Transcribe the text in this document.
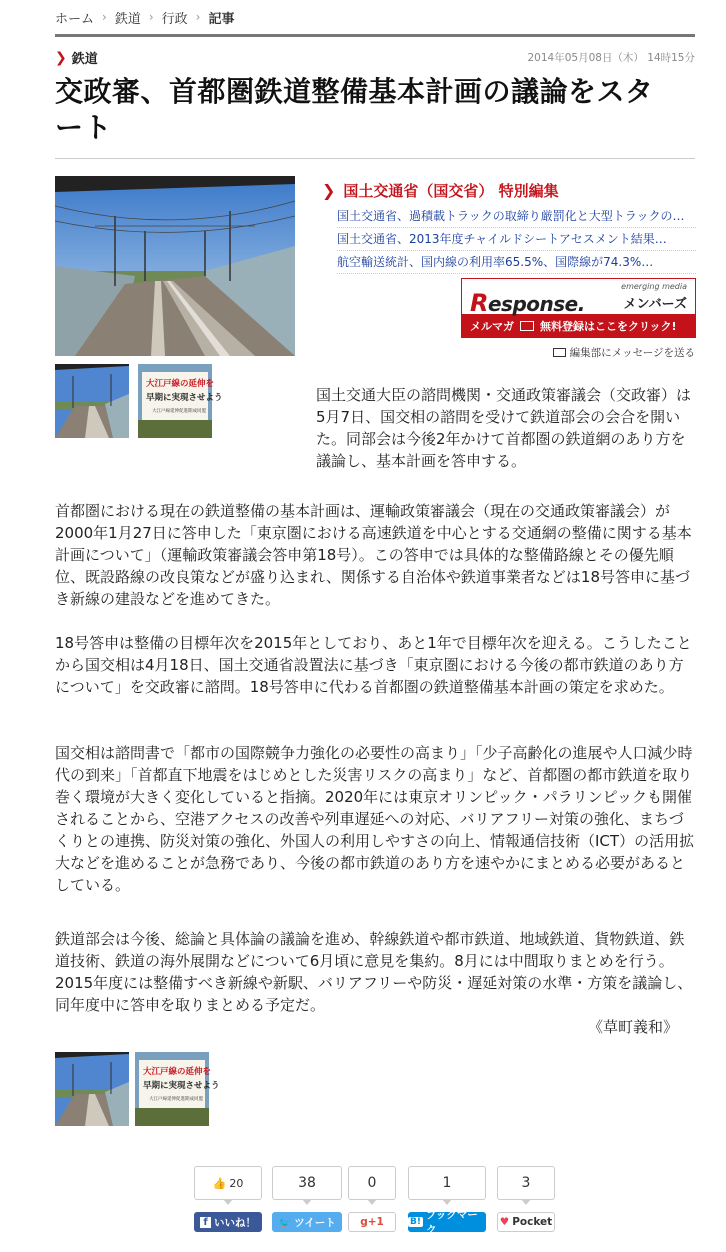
ホーム › 鉄道 › 行政 › 記事
❯ 鉄道	2014年05月08日（木） 14時15分
交政審、首都圏鉄道整備基本計画の議論をスタート
大江戸線の延伸を
早期に実現させよう
大江戸線延伸促進期成同盟
❯ 国土交通省（国交省） 特別編集
国土交通省、過積載トラックの取締り厳罰化と大型トラックの…
国土交通省、2013年度チャイルドシートアセスメント結果…
航空輸送統計、国内線の利用率65.5%、国際線が74.3%…
emerging media
Response.	メンバーズ
メルマガ 無料登録はここをクリック!
編集部にメッセージを送る

国土交通大臣の諮問機関・交通政策審議会（交政審）は5月7日、国交相の諮問を受けて鉄道部会の会合を開いた。同部会は今後2年かけて首都圏の鉄道網のあり方を議論し、基本計画を答申する。

首都圏における現在の鉄道整備の基本計画は、運輸政策審議会（現在の交通政策審議会）が2000年1月27日に答申した「東京圏における高速鉄道を中心とする交通網の整備に関する基本計画について」（運輸政策審議会答申第18号）。この答申では具体的な整備路線とその優先順位、既設路線の改良策などが盛り込まれ、関係する自治体や鉄道事業者などは18号答申に基づき新線の建設などを進めてきた。

18号答申は整備の目標年次を2015年としており、あと1年で目標年次を迎える。こうしたことから国交相は4月18日、国土交通省設置法に基づき「東京圏における今後の都市鉄道のあり方について」を交政審に諮問。18号答申に代わる首都圏の鉄道整備基本計画の策定を求めた。

国交相は諮問書で「都市の国際競争力強化の必要性の高まり」「少子高齢化の進展や人口減少時代の到来」「首都直下地震をはじめとした災害リスクの高まり」など、首都圏の都市鉄道を取り巻く環境が大きく変化していると指摘。2020年には東京オリンピック・パラリンピックも開催されることから、空港アクセスの改善や列車遅延への対応、バリアフリー対策の強化、まちづくりとの連携、防災対策の強化、外国人の利用しやすさの向上、情報通信技術（ICT）の活用拡大などを進めることが急務であり、今後の都市鉄道のあり方を速やかにまとめる必要があるとしている。

鉄道部会は今後、総論と具体論の議論を進め、幹線鉄道や都市鉄道、地域鉄道、貨物鉄道、鉄道技術、鉄道の海外展開などについて6月頃に意見を集約。8月には中間取りまとめを行う。2015年度には整備すべき新線や新駅、バリアフリーや防災・遅延対策の水準・方策を議論し、同年度中に答申を取りまとめる予定だ。

《草町義和》
大江戸線の延伸を
早期に実現させよう
大江戸線延伸促進期成同盟
👍 20
f いいね！
38
🐦 ツイート
0
g+1
1
B!
ブックマーク
3
♥ Pocket
